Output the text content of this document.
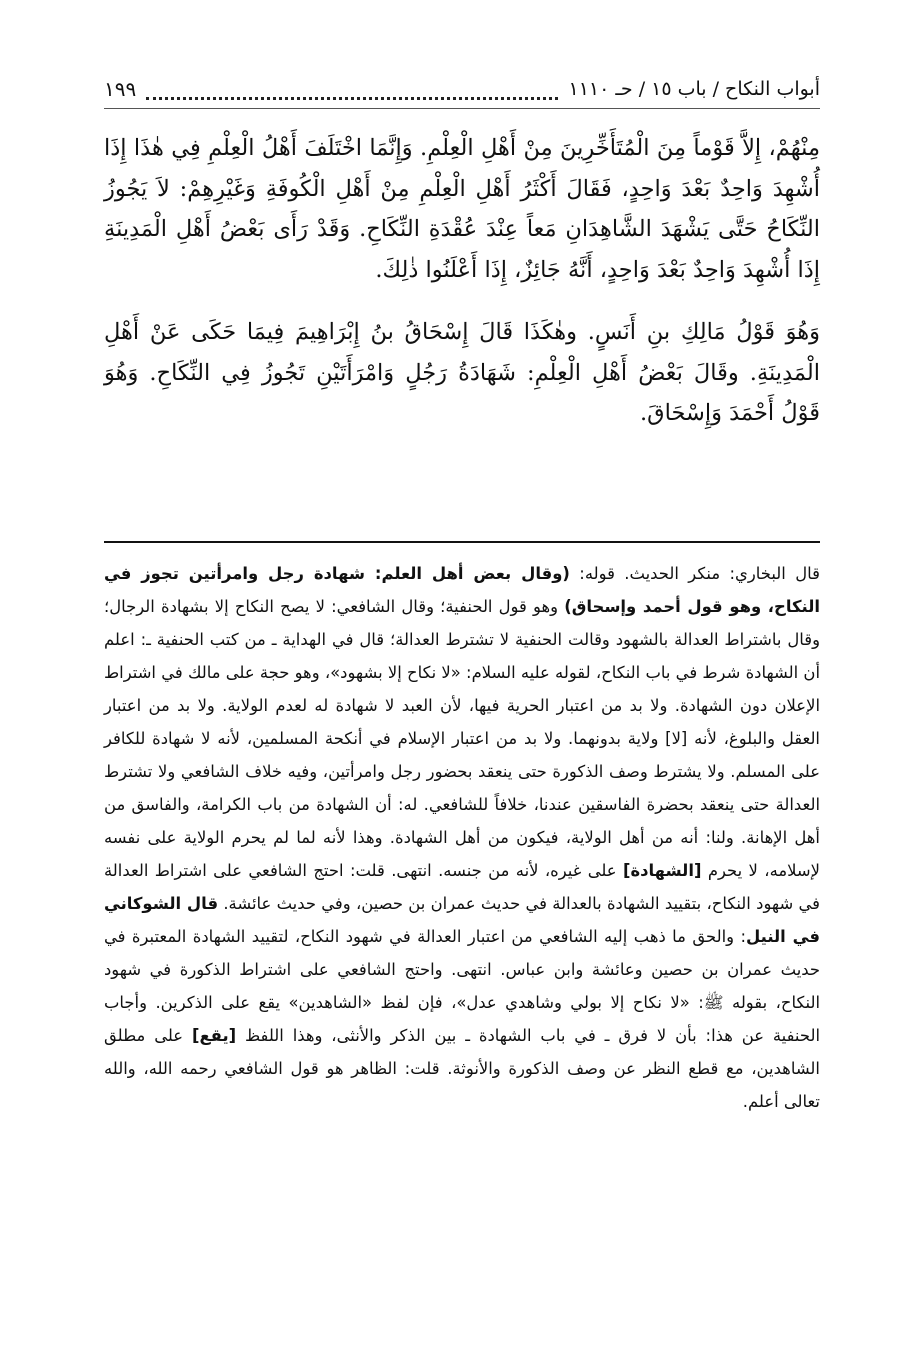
أبواب النكاح / باب ١٥ / حـ ١١١٠
١٩٩

مِنْهُمْ، إِلاَّ قَوْماً مِنَ الْمُتَأَخِّرِينَ مِنْ أَهْلِ الْعِلْمِ. وَإِنَّمَا اخْتَلَفَ أَهْلُ الْعِلْمِ فِي هٰذَا إِذَا أُشْهِدَ وَاحِدٌ بَعْدَ وَاحِدٍ، فَقَالَ أَكْثَرُ أَهْلِ الْعِلْمِ مِنْ أَهْلِ الْكُوفَةِ وَغَيْرِهِمْ: لاَ يَجُوزُ النِّكَاحُ حَتَّى يَشْهَدَ الشَّاهِدَانِ مَعاً عِنْدَ عُقْدَةِ النِّكَاحِ. وَقَدْ رَأَى بَعْضُ أَهْلِ الْمَدِينَةِ إِذَا أُشْهِدَ وَاحِدٌ بَعْدَ وَاحِدٍ، أَنَّهُ جَائِزٌ، إِذَا أَعْلَنُوا ذٰلِكَ.

وَهُوَ قَوْلُ مَالِكِ بنِ أَنَسٍ. وهٰكَذَا قَالَ إِسْحَاقُ بنُ إِبْرَاهِيمَ فِيمَا حَكَى عَنْ أَهْلِ الْمَدِينَةِ. وقَالَ بَعْضُ أَهْلِ الْعِلْمِ: شَهَادَةُ رَجُلٍ وَامْرَأَتَيْنِ تَجُوزُ فِي النِّكَاحِ. وَهُوَ قَوْلُ أَحْمَدَ وَإِسْحَاقَ.

قال البخاري: منكر الحديث. قوله: (وقال بعض أهل العلم: شهادة رجل وامرأتين تجوز في النكاح، وهو قول أحمد وإسحاق) وهو قول الحنفية؛ وقال الشافعي: لا يصح النكاح إلا بشهادة الرجال؛ وقال باشتراط العدالة بالشهود وقالت الحنفية لا تشترط العدالة؛ قال في الهداية ـ من كتب الحنفية ـ: اعلم أن الشهادة شرط في باب النكاح، لقوله عليه السلام: «لا نكاح إلا بشهود»، وهو حجة على مالك في اشتراط الإعلان دون الشهادة. ولا بد من اعتبار الحرية فيها، لأن العبد لا شهادة له لعدم الولاية. ولا بد من اعتبار العقل والبلوغ، لأنه [لا] ولاية بدونهما. ولا بد من اعتبار الإسلام في أنكحة المسلمين، لأنه لا شهادة للكافر على المسلم. ولا يشترط وصف الذكورة حتى ينعقد بحضور رجل وامرأتين، وفيه خلاف الشافعي ولا تشترط العدالة حتى ينعقد بحضرة الفاسقين عندنا، خلافاً للشافعي. له: أن الشهادة من باب الكرامة، والفاسق من أهل الإهانة. ولنا: أنه من أهل الولاية، فيكون من أهل الشهادة. وهذا لأنه لما لم يحرم الولاية على نفسه لإسلامه، لا يحرم [الشهادة] على غيره، لأنه من جنسه. انتهى. قلت: احتج الشافعي على اشتراط العدالة في شهود النكاح، بتقييد الشهادة بالعدالة في حديث عمران بن حصين، وفي حديث عائشة. قال الشوكاني في النيل: والحق ما ذهب إليه الشافعي من اعتبار العدالة في شهود النكاح، لتقييد الشهادة المعتبرة في حديث عمران بن حصين وعائشة وابن عباس. انتهى. واحتج الشافعي على اشتراط الذكورة في شهود النكاح، بقوله ﷺ: «لا نكاح إلا بولي وشاهدي عدل»، فإن لفظ «الشاهدين» يقع على الذكرين. وأجاب الحنفية عن هذا: بأن لا فرق ـ في باب الشهادة ـ بين الذكر والأنثى، وهذا اللفظ [يقع] على مطلق الشاهدين، مع قطع النظر عن وصف الذكورة والأنوثة. قلت: الظاهر هو قول الشافعي رحمه الله، والله تعالى أعلم.
